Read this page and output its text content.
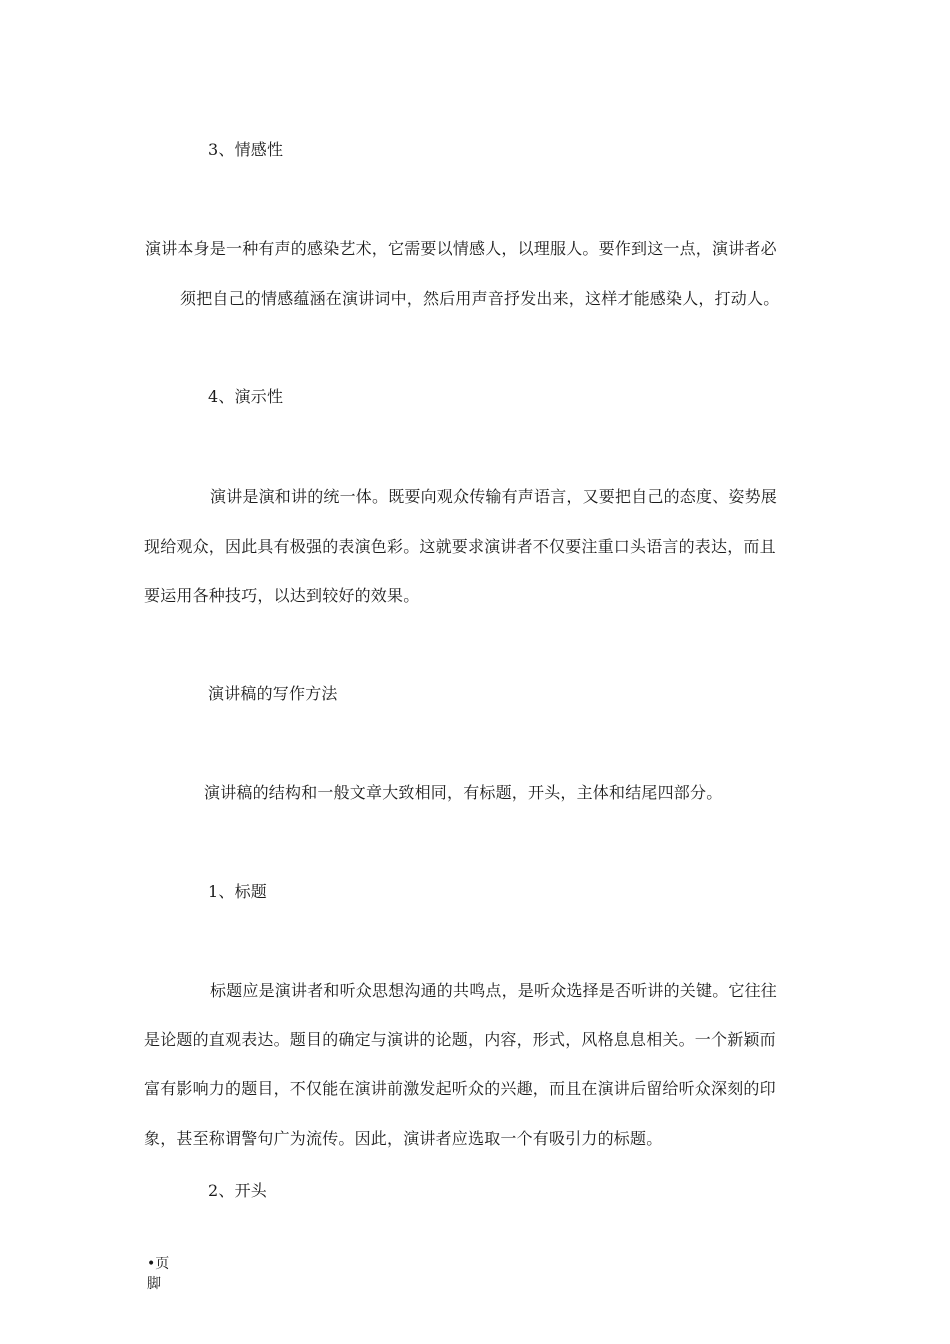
3、情感性
演讲本身是一种有声的感染艺术，它需要以情感人，以理服人。要作到这一点，演讲者必
须把自己的情感蕴涵在演讲词中，然后用声音抒发出来，这样才能感染人，打动人。
4、演示性
演讲是演和讲的统一体。既要向观众传输有声语言，又要把自己的态度、姿势展
现给观众，因此具有极强的表演色彩。这就要求演讲者不仅要注重口头语言的表达，而且
要运用各种技巧，以达到较好的效果。
演讲稿的写作方法
演讲稿的结构和一般文章大致相同，有标题，开头，主体和结尾四部分。
1、标题
标题应是演讲者和听众思想沟通的共鸣点，是听众选择是否听讲的关键。它往往
是论题的直观表达。题目的确定与演讲的论题，内容，形式，风格息息相关。一个新颖而
富有影响力的题目，不仅能在演讲前激发起听众的兴趣，而且在演讲后留给听众深刻的印
象，甚至称谓警句广为流传。因此，演讲者应选取一个有吸引力的标题。
2、开头
•页脚
